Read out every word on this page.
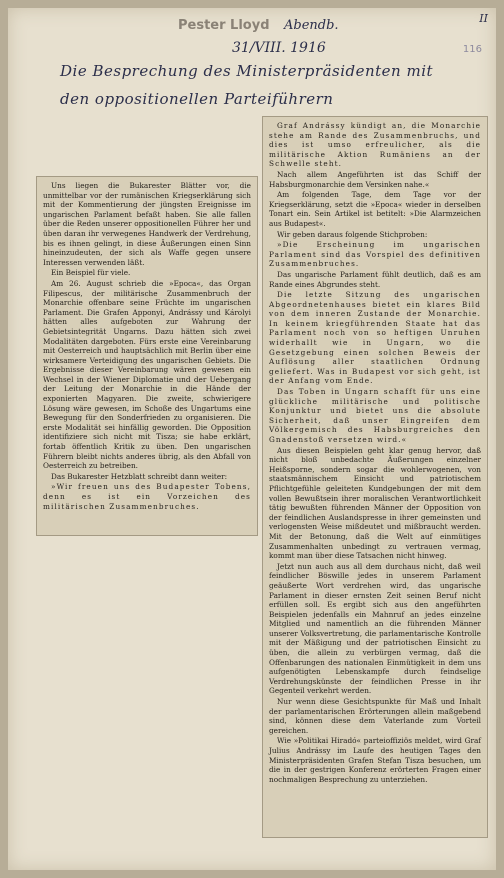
Pester Lloyd	Abendb.
31/VIII. 1916
II
116
Die Besprechung des Ministerpräsidenten mit
den oppositionellen Parteiführern

Uns liegen die Bukarester Blätter vor, die unmittelbar vor der rumänischen Kriegserklärung sich mit der Kommentierung der jüngsten Ereignisse im ungarischen Parlament befaßt haben. Sie alle fallen über die Reden unserer oppositionellen Führer her und üben daran ihr verwegenes Handwerk der Verdrehung, bis es ihnen gelingt, in diese Äußerungen einen Sinn hineinzudeuten, der sich als Waffe gegen unsere Interessen verwenden läßt.

Ein Beispiel für viele.

Am 26. August schrieb die »Epoca«, das Organ Filipescus, der militärische Zusammenbruch der Monarchie offenbare seine Früchte im ungarischen Parlament. Die Grafen Apponyi, Andrássy und Károlyi hätten alles aufgeboten zur Wahrung der Gebietsintegrität Ungarns. Dazu hätten sich zwei Modalitäten dargeboten. Fürs erste eine Vereinbarung mit Oesterreich und hauptsächlich mit Berlin über eine wirksamere Verteidigung des ungarischen Gebiets. Die Ergebnisse dieser Vereinbarung wären gewesen ein Wechsel in der Wiener Diplomatie und der Uebergang der Leitung der Monarchie in die Hände der exponierten Magyaren. Die zweite, schwierigere Lösung wäre gewesen, im Schoße des Ungartums eine Bewegung für den Sonderfrieden zu organisieren. Die erste Modalität sei hinfällig geworden. Die Opposition identifiziere sich nicht mit Tisza; sie habe erklärt, fortab öffentlich Kritik zu üben. Den ungarischen Führern bleibt nichts anderes übrig, als den Abfall von Oesterreich zu betreiben.

Das Bukarester Hetzblatt schreibt dann weiter:

»Wir freuen uns des Budapester Tobens, denn es ist ein Vorzeichen des militärischen Zusammenbruches.

Graf Andrássy kündigt an, die Monarchie stehe am Rande des Zusammenbruchs, und dies ist umso erfreulicher, als die militärische Aktion Rumäniens an der Schwelle steht.

Nach allem Angeführten ist das Schiff der Habsburgmonarchie dem Versinken nahe.«

Am folgenden Tage, dem Tage vor der Kriegserklärung, setzt die »Epoca« wieder in derselben Tonart ein. Sein Artikel ist betitelt: »Die Alarmzeichen aus Budapest«.

Wir geben daraus folgende Stichproben:

»Die Erscheinung im ungarischen Parlament sind das Vorspiel des definitiven Zusammenbruches.

Das ungarische Parlament fühlt deutlich, daß es am Rande eines Abgrundes steht.

Die letzte Sitzung des ungarischen Abgeordnetenhauses bietet ein klares Bild von dem inneren Zustande der Monarchie. In keinem kriegführenden Staate hat das Parlament noch von so heftigen Unruhen widerhallt wie in Ungarn, wo die Gesetzgebung einen solchen Beweis der Auflösung aller staatlichen Ordnung geliefert. Was in Budapest vor sich geht, ist der Anfang vom Ende.

Das Toben in Ungarn schafft für uns eine glückliche militärische und politische Konjunktur und bietet uns die absolute Sicherheit, daß unser Eingreifen dem Völkergemisch des Habsburgreiches den Gnadenstoß versetzen wird.«

Aus diesen Beispielen geht klar genug hervor, daß nicht bloß unbedachte Äußerungen einzelner Heißsporne, sondern sogar die wohlerwogenen, von staatsmännischem Einsicht und patriotischem Pflichtgefühle geleiteten Kundgebungen der mit dem vollen Bewußtsein ihrer moralischen Verantwortlichkeit tätig bewußten führenden Männer der Opposition von der feindlichen Auslandspresse in ihrer gemeinsten und verlogensten Weise mißdeutet und mißbraucht werden. Mit der Betonung, daß die Welt auf einmütiges Zusammenhalten unbedingt zu vertrauen vermag, kommt man über diese Tatsachen nicht hinweg.

Jetzt nun auch aus all dem durchaus nicht, daß weil feindlicher Böswille jedes in unserem Parlament geäußerte Wort verdrehen wird, das ungarische Parlament in dieser ernsten Zeit seinen Beruf nicht erfüllen soll. Es ergibt sich aus den angeführten Beispielen jedenfalls ein Mahnruf an jedes einzelne Mitglied und namentlich an die führenden Männer unserer Volksvertretung, die parlamentarische Kontrolle mit der Mäßigung und der patriotischen Einsicht zu üben, die allein zu verbürgen vermag, daß die Offenbarungen des nationalen Einmütigkeit in dem uns aufgenötigten Lebenskampfe durch feindselige Verdrehungskünste der feindlichen Presse in ihr Gegenteil verkehrt werden.

Nur wenn diese Gesichtspunkte für Maß und Inhalt der parlamentarischen Erörterungen allein maßgebend sind, können diese dem Vaterlande zum Vorteil gereichen.

Wie »Politikai Hiradó« parteioffiziös meldet, wird Graf Julius Andrássy im Laufe des heutigen Tages den Ministerpräsidenten Grafen Stefan Tisza besuchen, um die in der gestrigen Konferenz erörterten Fragen einer nochmaligen Besprechung zu unterziehen.
